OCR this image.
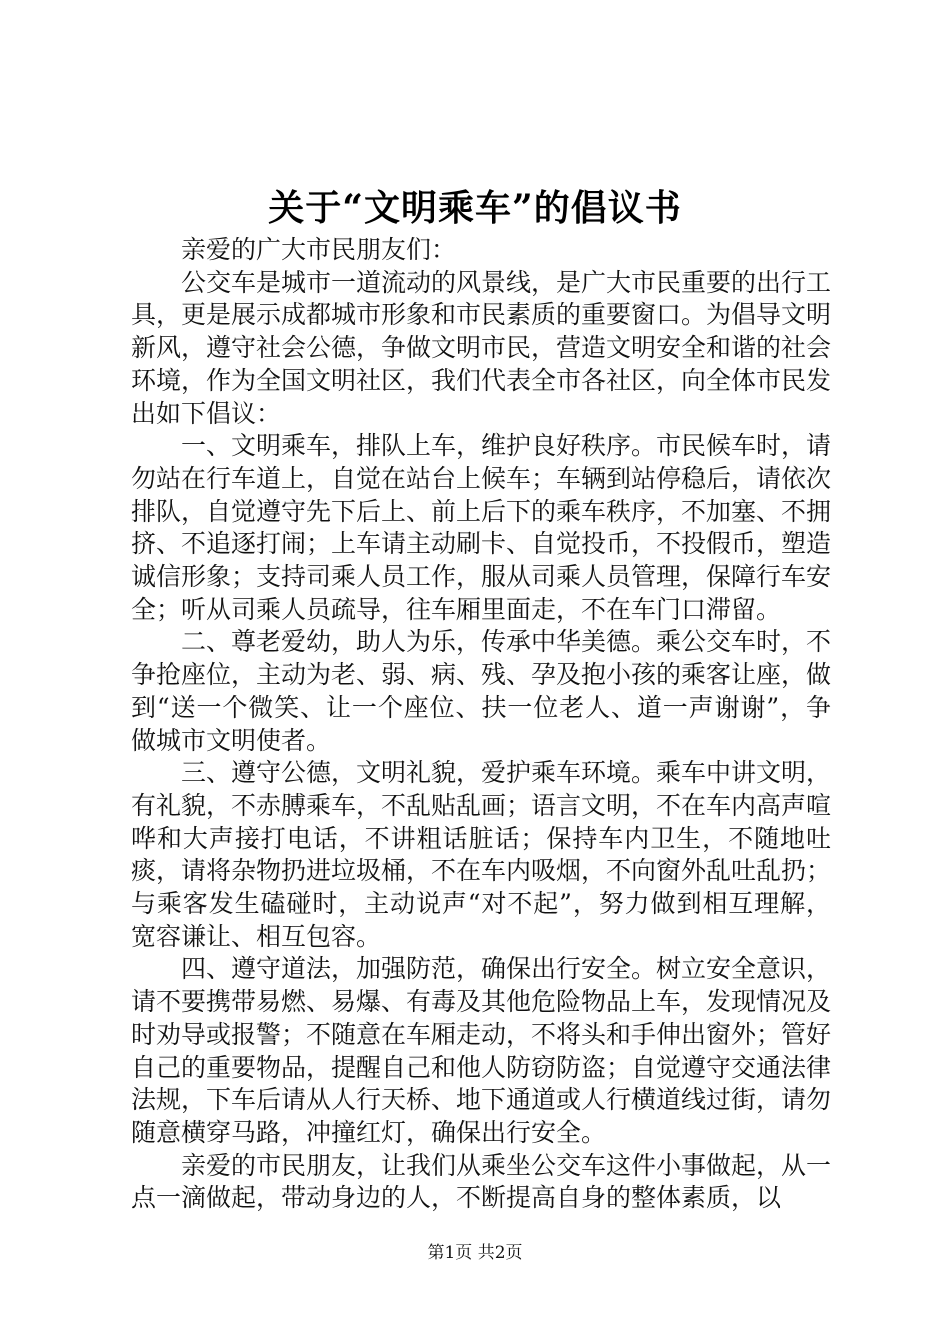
关于“文明乘车”的倡议书

亲爱的广大市民朋友们：

公交车是城市一道流动的风景线，是广大市民重要的出行工具，更是展示成都城市形象和市民素质的重要窗口。为倡导文明新风，遵守社会公德，争做文明市民，营造文明安全和谐的社会环境，作为全国文明社区，我们代表全市各社区，向全体市民发出如下倡议：

一、文明乘车，排队上车，维护良好秩序。市民候车时，请勿站在行车道上，自觉在站台上候车；车辆到站停稳后，请依次排队，自觉遵守先下后上、前上后下的乘车秩序，不加塞、不拥挤、不追逐打闹；上车请主动刷卡、自觉投币，不投假币，塑造诚信形象；支持司乘人员工作，服从司乘人员管理，保障行车安全；听从司乘人员疏导，往车厢里面走，不在车门口滞留。

二、尊老爱幼，助人为乐，传承中华美德。乘公交车时，不争抢座位，主动为老、弱、病、残、孕及抱小孩的乘客让座，做到“送一个微笑、让一个座位、扶一位老人、道一声谢谢”，争做城市文明使者。

三、遵守公德，文明礼貌，爱护乘车环境。乘车中讲文明，有礼貌，不赤膊乘车，不乱贴乱画；语言文明，不在车内高声喧哗和大声接打电话，不讲粗话脏话；保持车内卫生，不随地吐痰，请将杂物扔进垃圾桶，不在车内吸烟，不向窗外乱吐乱扔；与乘客发生磕碰时，主动说声“对不起”，努力做到相互理解，宽容谦让、相互包容。

四、遵守道法，加强防范，确保出行安全。树立安全意识，请不要携带易燃、易爆、有毒及其他危险物品上车，发现情况及时劝导或报警；不随意在车厢走动，不将头和手伸出窗外；管好自己的重要物品，提醒自己和他人防窃防盗；自觉遵守交通法律法规，下车后请从人行天桥、地下通道或人行横道线过街，请勿随意横穿马路，冲撞红灯，确保出行安全。

亲爱的市民朋友，让我们从乘坐公交车这件小事做起，从一点一滴做起，带动身边的人，不断提高自身的整体素质，以

第1页 共2页
